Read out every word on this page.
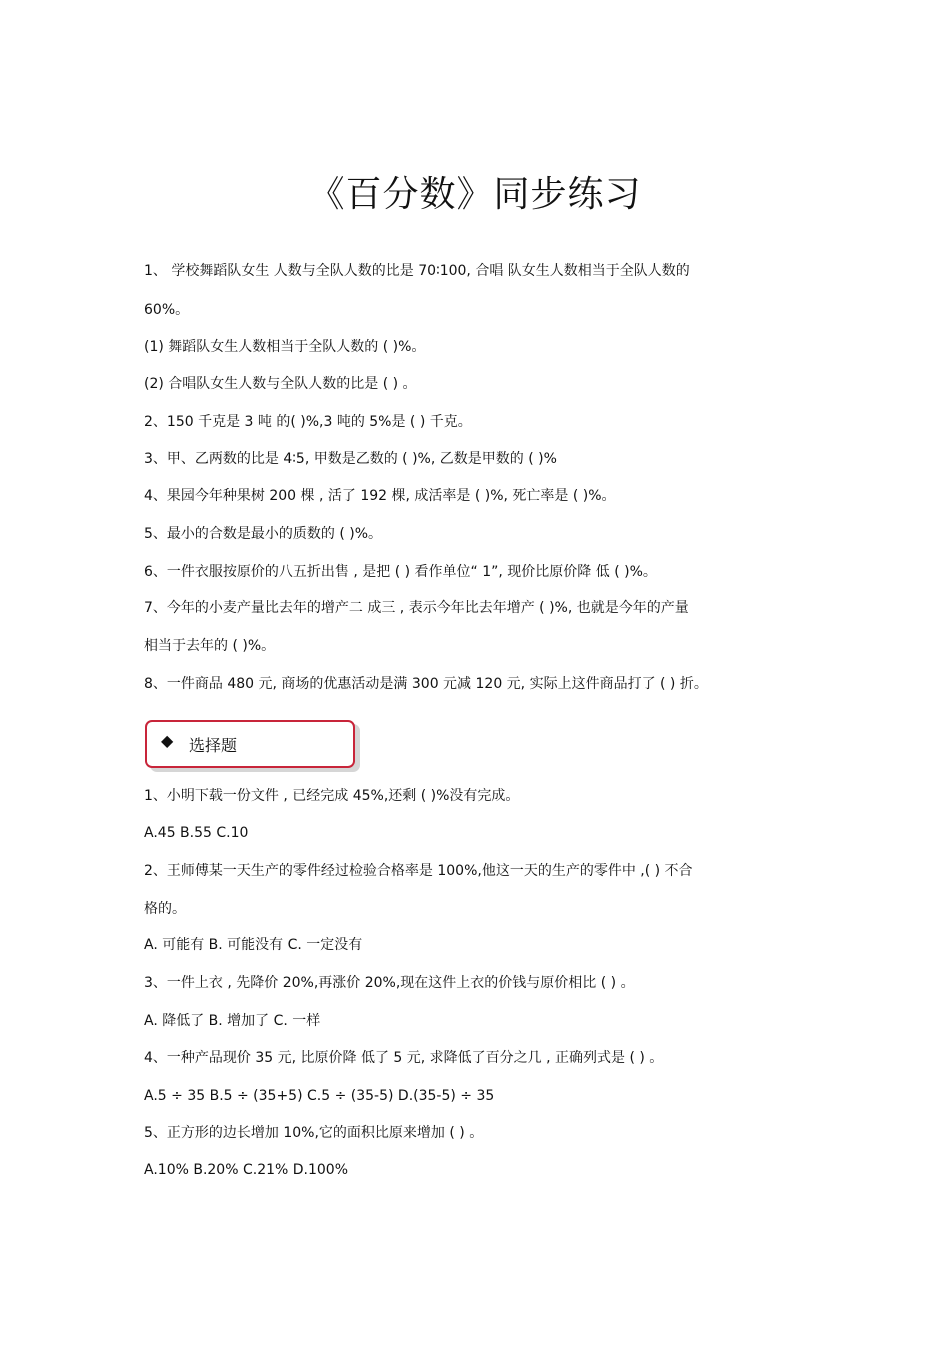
《百分数》同步练习
1、 学校舞蹈队女生 人数与全队人数的比是 70∶100, 合唱 队女生人数相当于全队人数的
60%。
(1) 舞蹈队女生人数相当于全队人数的 ( )%。
(2) 合唱队女生人数与全队人数的比是 ( ) 。
2、150 千克是 3 吨 的( )%,3 吨的 5%是 ( ) 千克。
3、甲、乙两数的比是 4∶5, 甲数是乙数的 ( )%, 乙数是甲数的 ( )%
4、果园今年种果树 200 棵 , 活了 192 棵, 成活率是 ( )%, 死亡率是 ( )%。
5、最小的合数是最小的质数的 ( )%。
6、一件衣服按原价的八五折出售 , 是把 ( ) 看作单位“ 1”, 现价比原价降 低 ( )%。
7、今年的小麦产量比去年的增产二 成三 , 表示今年比去年增产 ( )%, 也就是今年的产量
相当于去年的 ( )%。
8、一件商品 480 元, 商场的优惠活动是满 300 元减 120 元, 实际上这件商品打了 ( ) 折。
◆ 选择题
1、小明下载一份文件 , 已经完成 45%,还剩 ( )%没有完成。
A.45 B.55 C.10
2、王师傅某一天生产的零件经过检验合格率是 100%,他这一天的生产的零件中 ,( ) 不合
格的。
A. 可能有 B. 可能没有 C. 一定没有
3、一件上衣 , 先降价 20%,再涨价 20%,现在这件上衣的价钱与原价相比 ( ) 。
A. 降低了 B. 增加了 C. 一样
4、一种产品现价 35 元, 比原价降 低了 5 元, 求降低了百分之几 , 正确列式是 ( ) 。
A.5 ÷ 35 B.5 ÷ (35+5) C.5 ÷ (35-5) D.(35-5) ÷ 35
5、正方形的边长增加 10%,它的面积比原来增加 ( ) 。
A.10% B.20% C.21% D.100%
